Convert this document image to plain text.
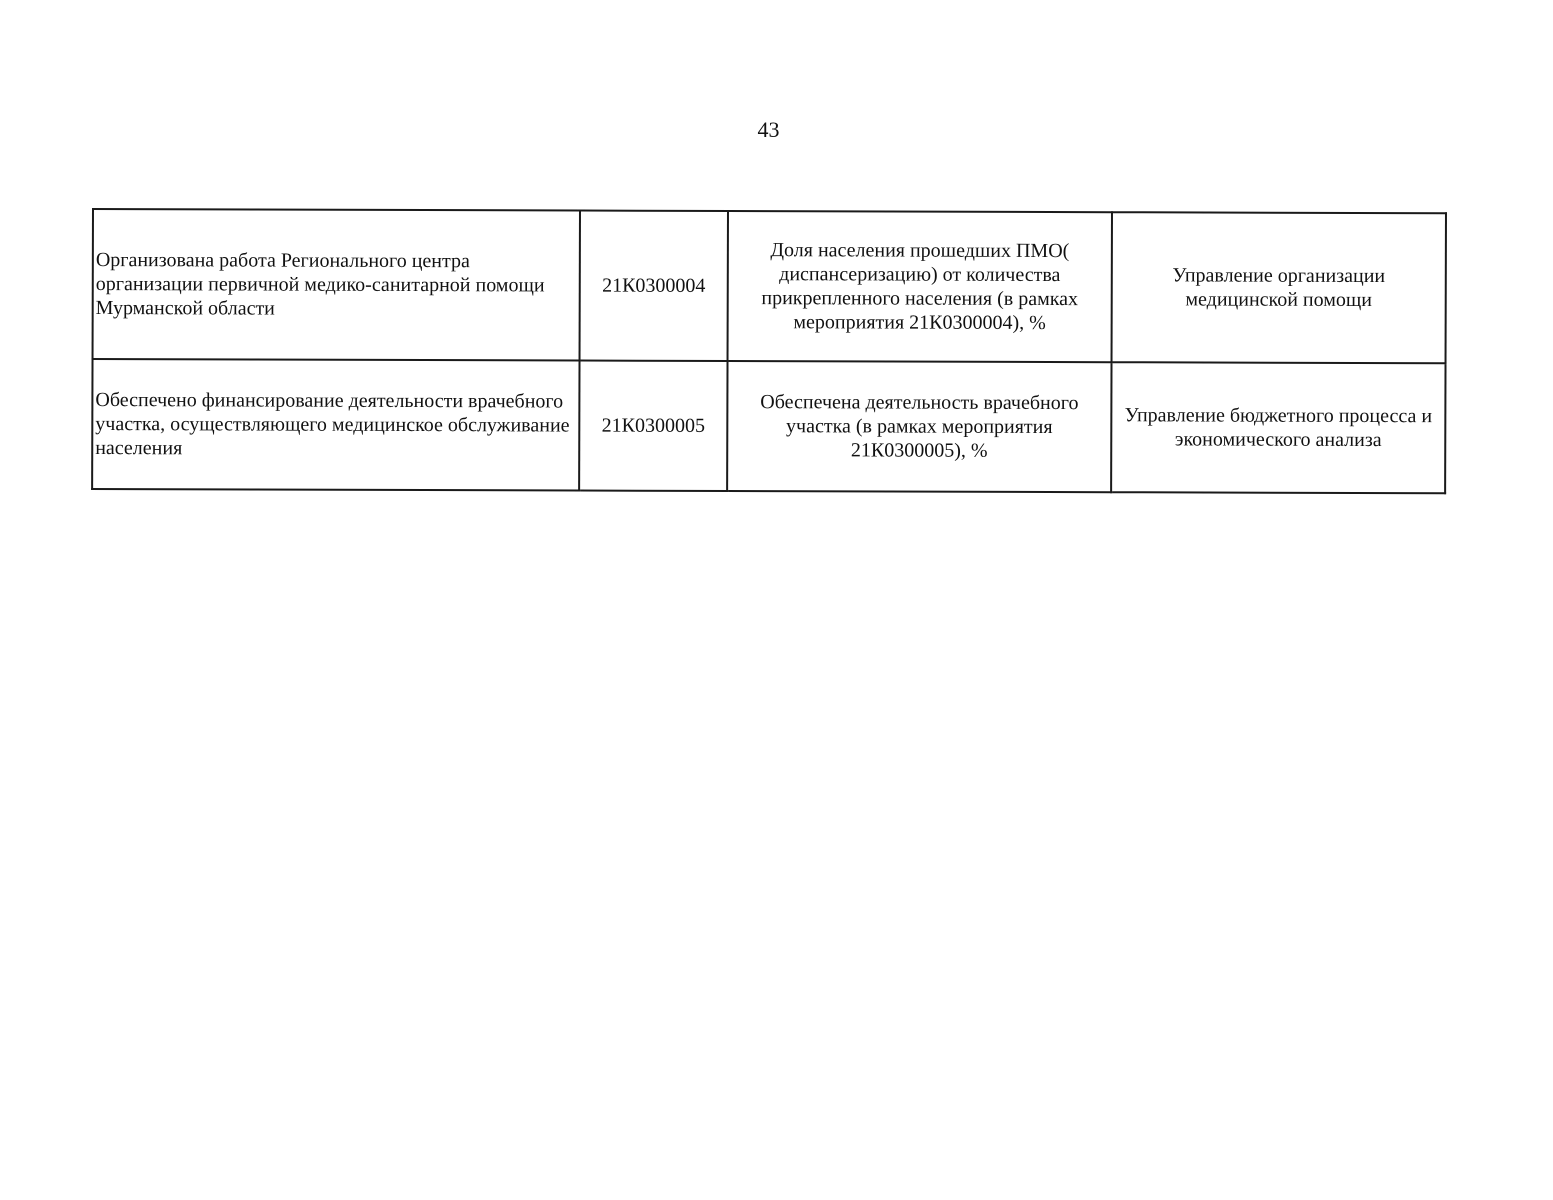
43
Организована работа Регионального центра организации первичной медико-санитарной помощи Мурманской области	21К0300004	Доля населения прошедших ПМО( диспансеризацию) от количества прикрепленного населения (в рамках мероприятия 21К0300004), %	Управление организации медицинской помощи
Обеспечено финансирование деятельности врачебного участка, осуществляющего медицинское обслуживание населения	21К0300005	Обеспечена деятельность врачебного участка (в рамках мероприятия 21К0300005), %	Управление бюджетного процесса и экономического анализа
